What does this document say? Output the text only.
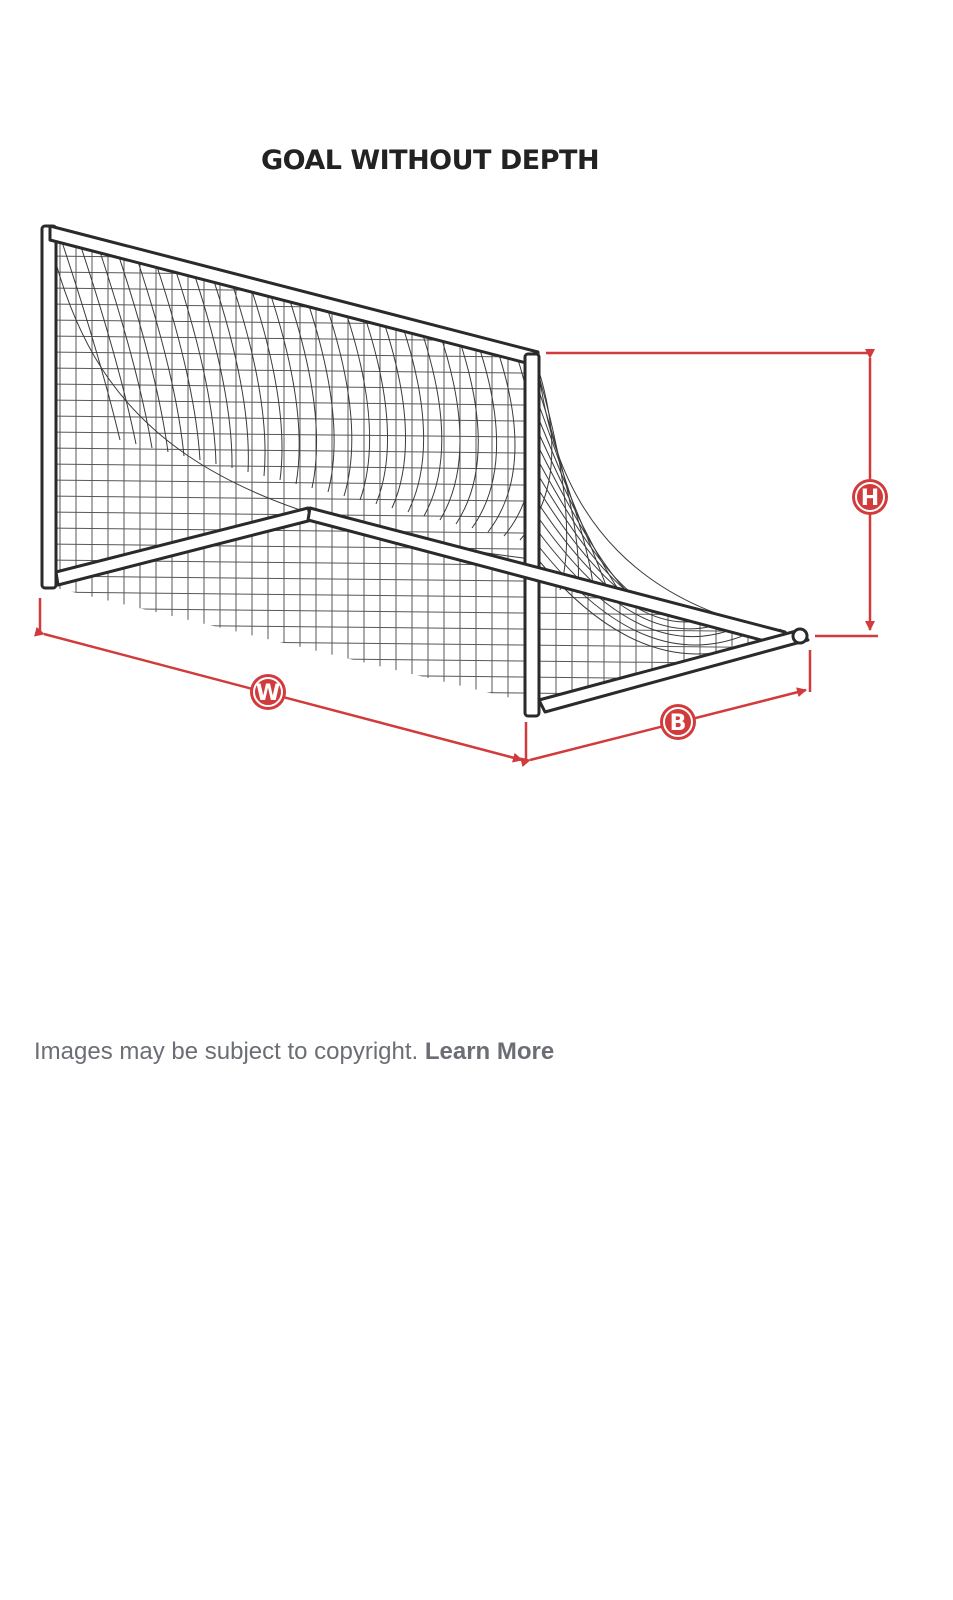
GOAL WITHOUT DEPTH
W
H
B
Images may be subject to copyright. Learn More
